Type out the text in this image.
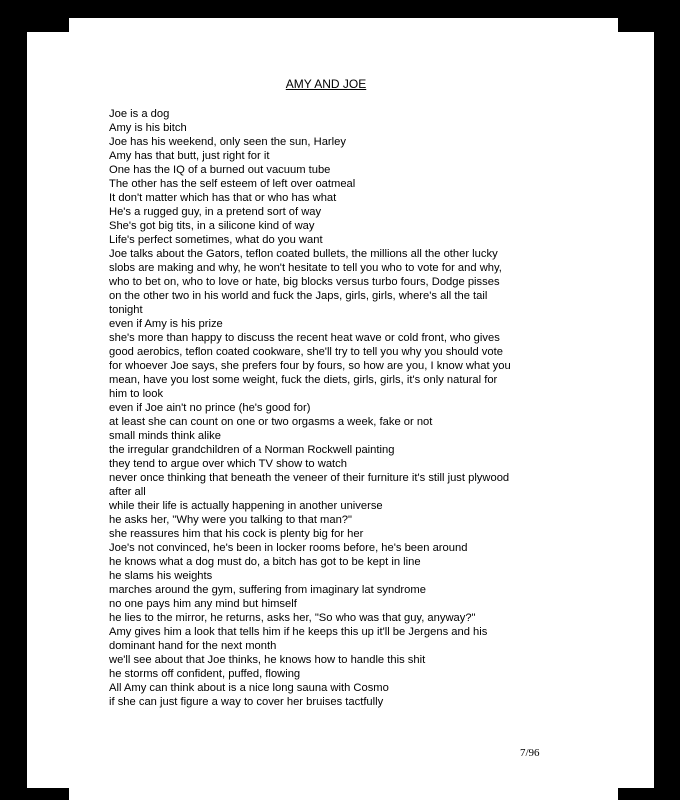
AMY AND JOE
Joe is a dog
Amy is his bitch
Joe has his weekend, only seen the sun, Harley
Amy has that butt, just right for it
One has the IQ of a burned out vacuum tube
The other has the self esteem of left over oatmeal
It don't matter which has that or who has what
He's a rugged guy, in a pretend sort of way
She's got big tits, in a silicone kind of way
Life's perfect sometimes, what do you want
Joe talks about the Gators, teflon coated bullets, the millions all the other lucky
slobs are making and why, he won't hesitate to tell you who to vote for and why,
who to bet on, who to love or hate, big blocks versus turbo fours, Dodge pisses
on the other two in his world and fuck the Japs, girls, girls, where's all the tail
tonight
even if Amy is his prize
she's more than happy to discuss the recent heat wave or cold front, who gives
good aerobics, teflon coated cookware, she'll try to tell you why you should vote
for whoever Joe says, she prefers four by fours, so how are you, I know what you
mean, have you lost some weight, fuck the diets, girls, girls, it's only natural for
him to look
even if Joe ain't no prince (he's good for)
at least she can count on one or two orgasms a week, fake or not
small minds think alike
the irregular grandchildren of a Norman Rockwell painting
they tend to argue over which TV show to watch
never once thinking that beneath the veneer of their furniture it's still just plywood
after all
while their life is actually happening in another universe
he asks her, "Why were you talking to that man?"
she reassures him that his cock is plenty big for her
Joe's not convinced, he's been in locker rooms before, he's been around
he knows what a dog must do, a bitch has got to be kept in line
he slams his weights
marches around the gym, suffering from imaginary lat syndrome
no one pays him any mind but himself
he lies to the mirror, he returns, asks her, "So who was that guy, anyway?"
Amy gives him a look that tells him if he keeps this up it'll be Jergens and his
dominant hand for the next month
we'll see about that Joe thinks, he knows how to handle this shit
he storms off confident, puffed, flowing
All Amy can think about is a nice long sauna with Cosmo
if she can just figure a way to cover her bruises tactfully
7/96
